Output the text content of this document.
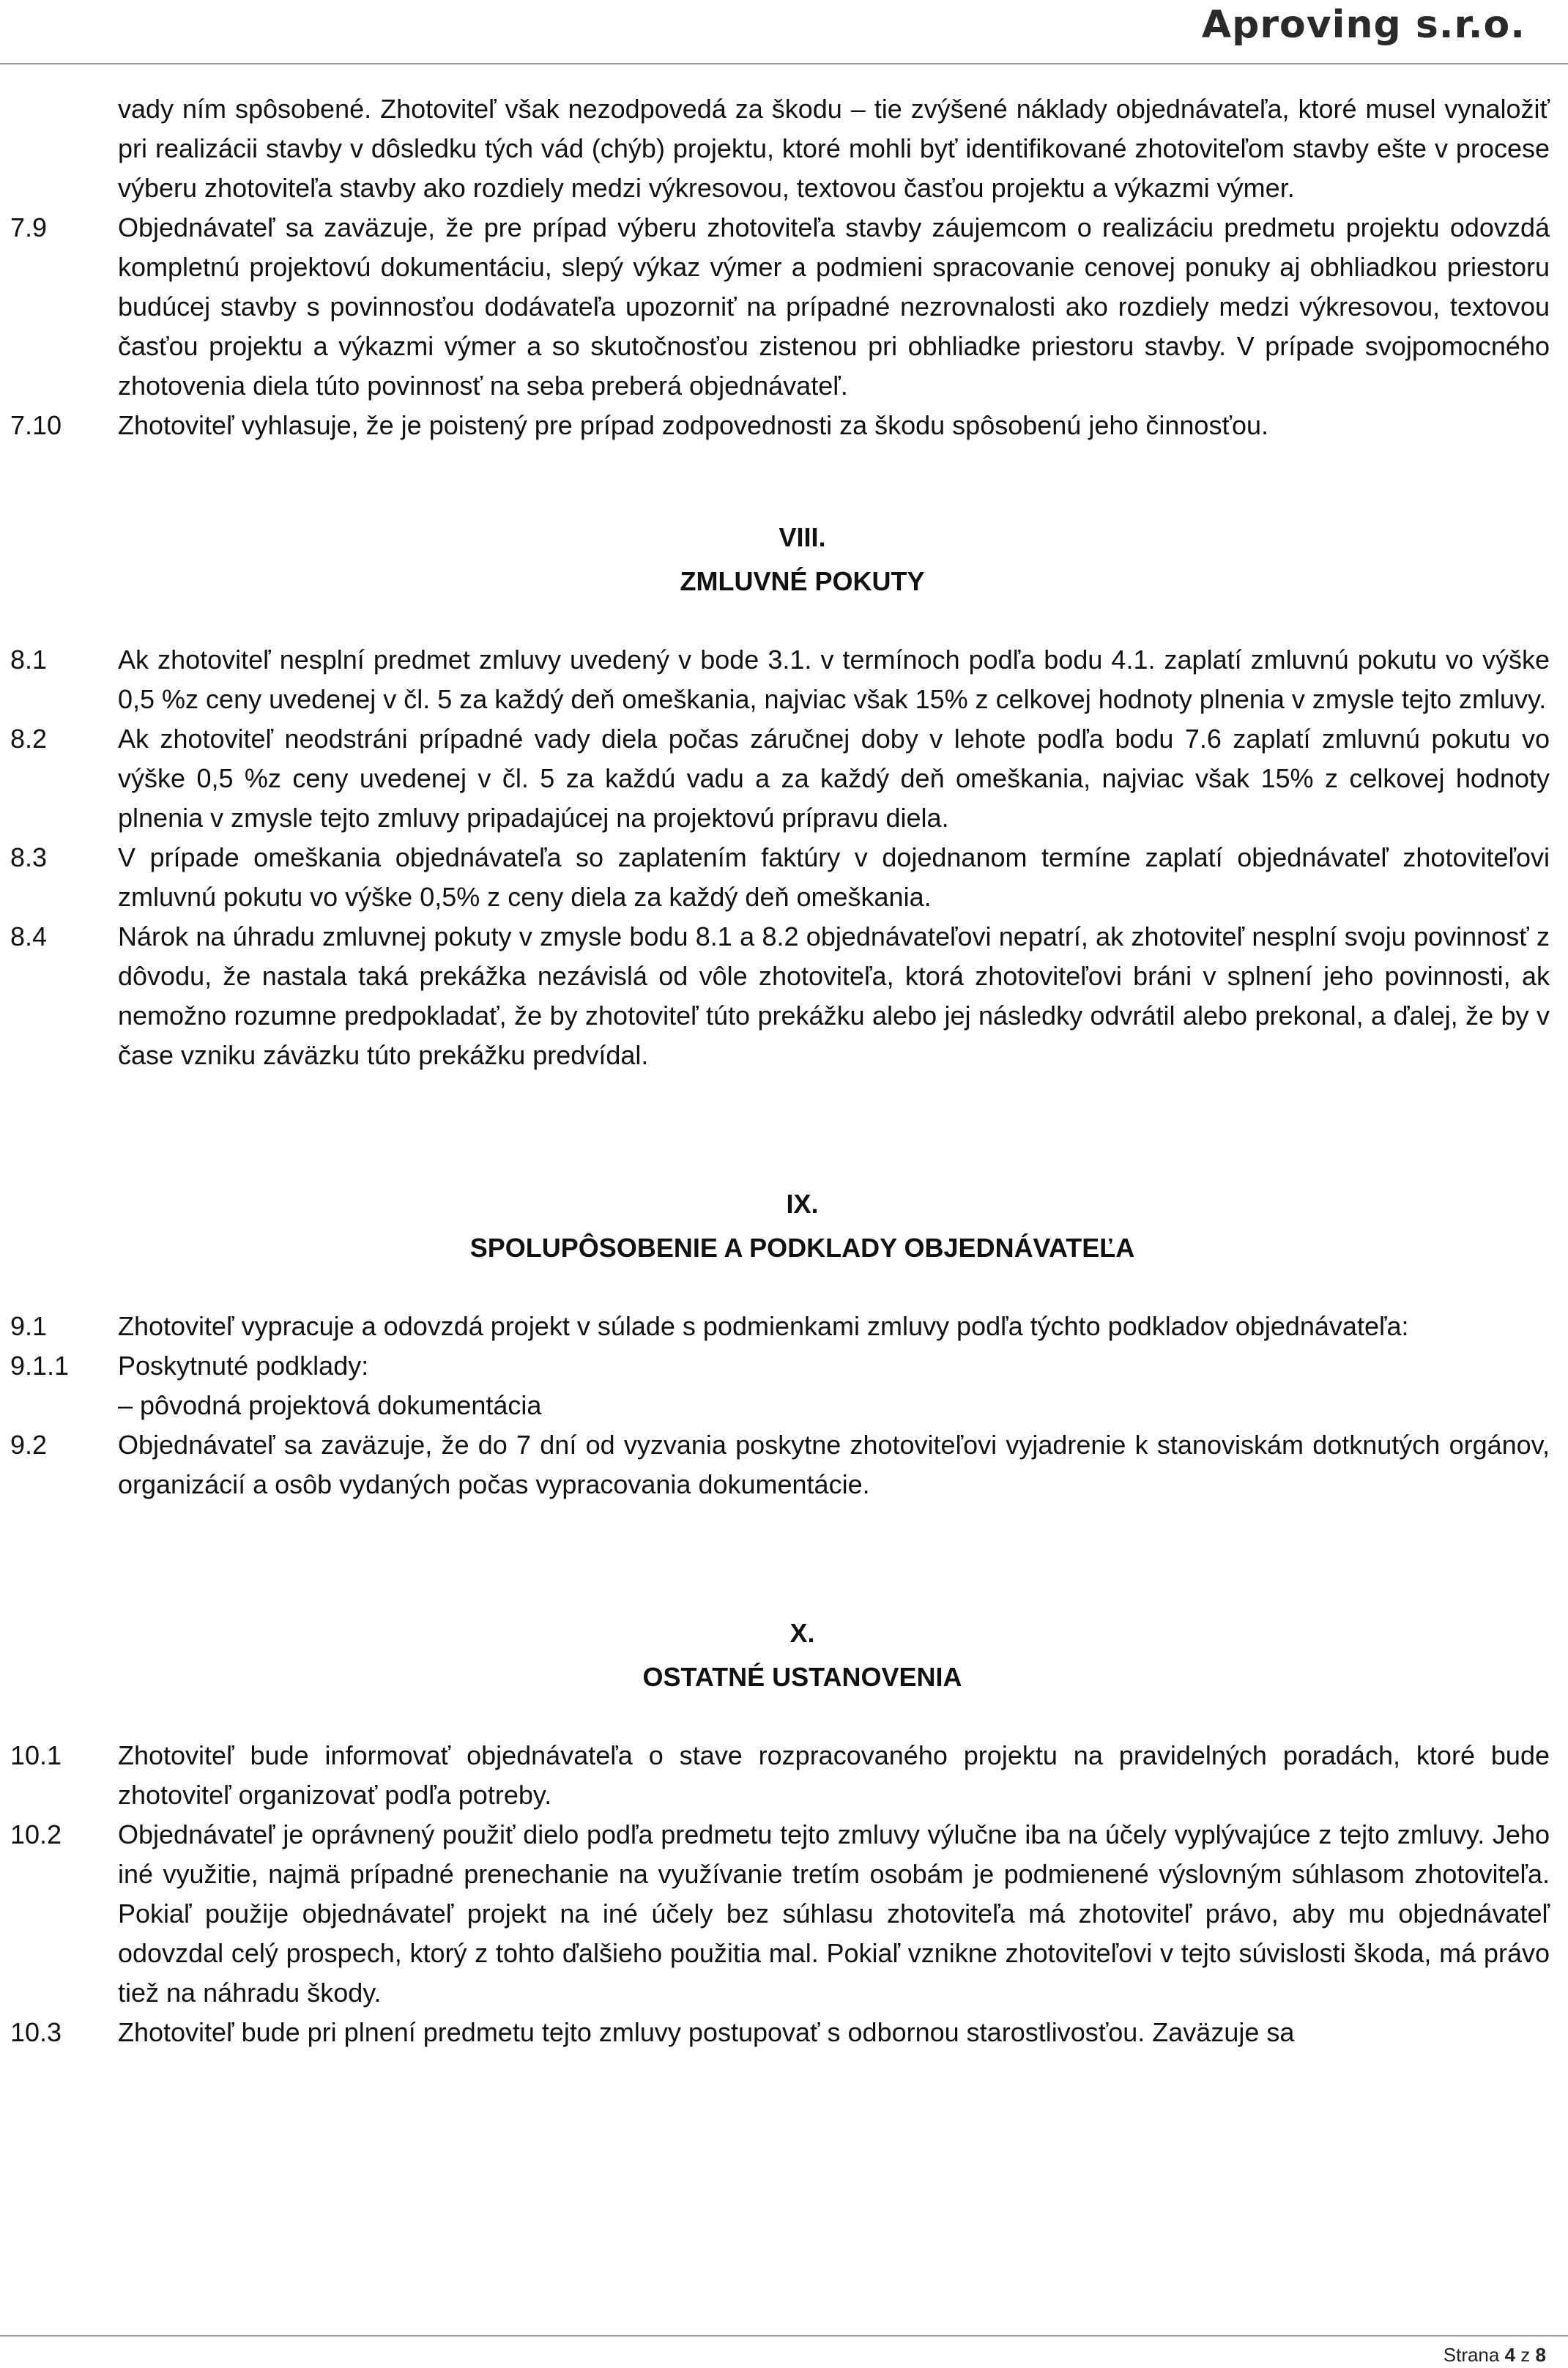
Aproving s.r.o.

vady ním spôsobené. Zhotoviteľ však nezodpovedá za škodu – tie zvýšené náklady objednávateľa, ktoré musel vynaložiť pri realizácii stavby v dôsledku tých vád (chýb) projektu, ktoré mohli byť identifikované zhotoviteľom stavby ešte v procese výberu zhotoviteľa stavby ako rozdiely medzi výkresovou, textovou časťou projektu a výkazmi výmer.

7.9	Objednávateľ sa zaväzuje, že pre prípad výberu zhotoviteľa stavby záujemcom o realizáciu predmetu projektu odovzdá kompletnú projektovú dokumentáciu, slepý výkaz výmer a podmieni spracovanie cenovej ponuky aj obhliadkou priestoru budúcej stavby s povinnosťou dodávateľa upozorniť na prípadné nezrovnalosti ako rozdiely medzi výkresovou, textovou časťou projektu a výkazmi výmer a so skutočnosťou zistenou pri obhliadke priestoru stavby. V prípade svojpomocného zhotovenia diela túto povinnosť na seba preberá objednávateľ.

7.10	Zhotoviteľ vyhlasuje, že je poistený pre prípad zodpovednosti za škodu spôsobenú jeho činnosťou.

VIII.
ZMLUVNÉ POKUTY

8.1	Ak zhotoviteľ nesplní predmet zmluvy uvedený v bode 3.1. v termínoch podľa bodu 4.1. zaplatí zmluvnú pokutu vo výške 0,5 %z ceny uvedenej v čl. 5 za každý deň omeškania, najviac však 15% z celkovej hodnoty plnenia v zmysle tejto zmluvy.

8.2	Ak zhotoviteľ neodstráni prípadné vady diela počas záručnej doby v lehote podľa bodu 7.6 zaplatí zmluvnú pokutu vo výške 0,5 %z ceny uvedenej v čl. 5 za každú vadu a za každý deň omeškania, najviac však 15% z celkovej hodnoty plnenia v zmysle tejto zmluvy pripadajúcej na projektovú prípravu diela.

8.3	V prípade omeškania objednávateľa so zaplatením faktúry v dojednanom termíne zaplatí objednávateľ zhotoviteľovi zmluvnú pokutu vo výške 0,5% z ceny diela za každý deň omeškania.

8.4	Nárok na úhradu zmluvnej pokuty v zmysle bodu 8.1 a 8.2 objednávateľovi nepatrí, ak zhotoviteľ nesplní svoju povinnosť z dôvodu, že nastala taká prekážka nezávislá od vôle zhotoviteľa, ktorá zhotoviteľovi bráni v splnení jeho povinnosti, ak nemožno rozumne predpokladať, že by zhotoviteľ túto prekážku alebo jej následky odvrátil alebo prekonal, a ďalej, že by v čase vzniku záväzku túto prekážku predvídal.

IX.
SPOLUPÔSOBENIE A PODKLADY OBJEDNÁVATEĽA

9.1	Zhotoviteľ vypracuje a odovzdá projekt v súlade s podmienkami zmluvy podľa týchto podkladov objednávateľa:

9.1.1	Poskytnuté podklady:

– pôvodná projektová dokumentácia

9.2	Objednávateľ sa zaväzuje, že do 7 dní od vyzvania poskytne zhotoviteľovi vyjadrenie k stanoviskám dotknutých orgánov, organizácií a osôb vydaných počas vypracovania dokumentácie.

X.
OSTATNÉ USTANOVENIA

10.1	Zhotoviteľ bude informovať objednávateľa o stave rozpracovaného projektu na pravidelných poradách, ktoré bude zhotoviteľ organizovať podľa potreby.

10.2	Objednávateľ je oprávnený použiť dielo podľa predmetu tejto zmluvy výlučne iba na účely vyplývajúce z tejto zmluvy. Jeho iné využitie, najmä prípadné prenechanie na využívanie tretím osobám je podmienené výslovným súhlasom zhotoviteľa. Pokiaľ použije objednávateľ projekt na iné účely bez súhlasu zhotoviteľa má zhotoviteľ právo, aby mu objednávateľ odovzdal celý prospech, ktorý z tohto ďalšieho použitia mal. Pokiaľ vznikne zhotoviteľovi v tejto súvislosti škoda, má právo tiež na náhradu škody.

10.3	Zhotoviteľ bude pri plnení predmetu tejto zmluvy postupovať s odbornou starostlivosťou. Zaväzuje sa

Strana 4 z 8
